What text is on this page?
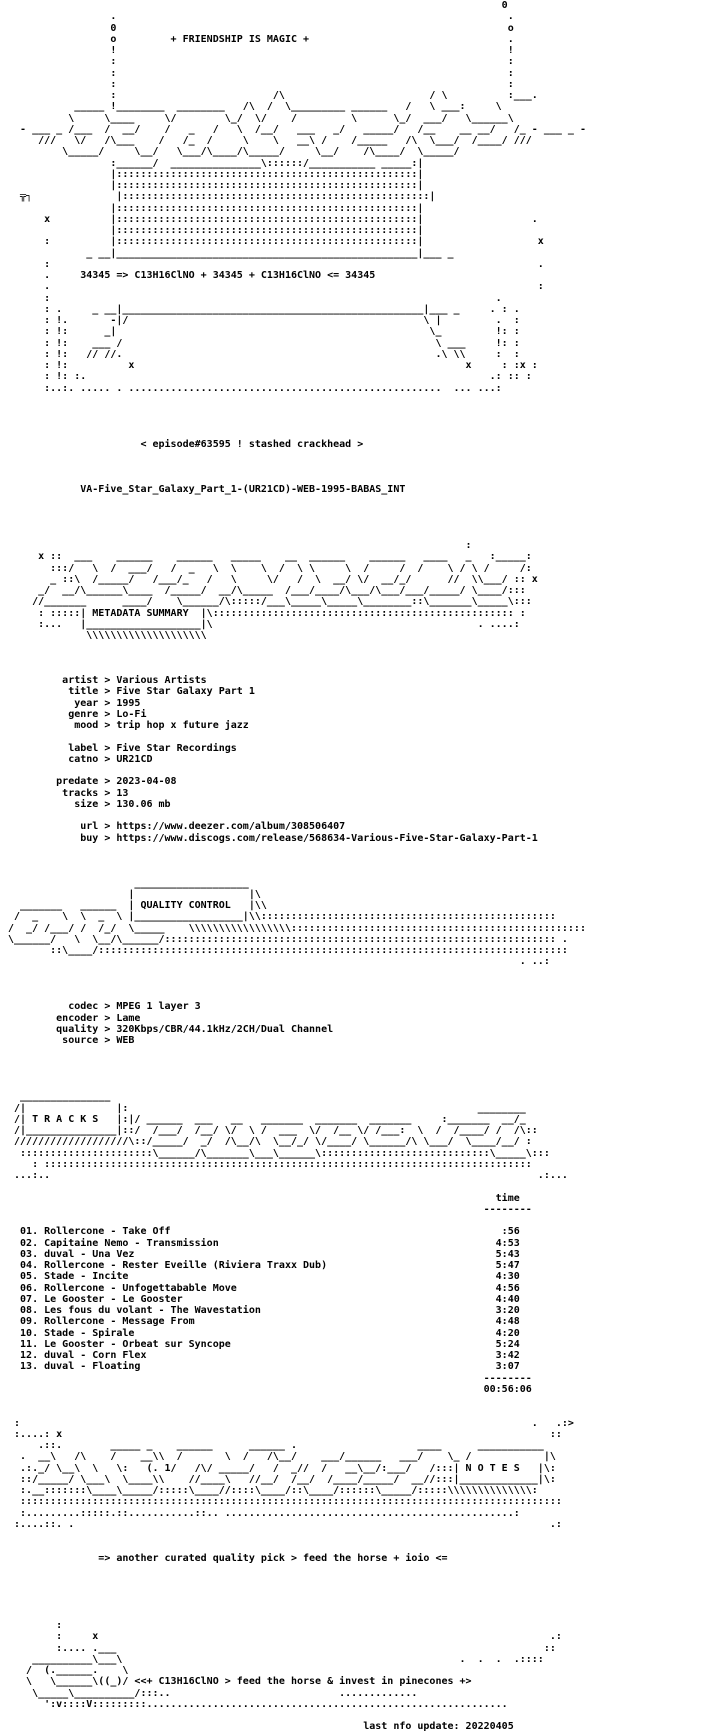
0
.                                                                 .
0                                                                 o
o         + FRIENDSHIP IS MAGIC +                                 .
!                                                                 !
:                                                                 :
:                                                                 :
:                                                                 :
:                          /\                        / \          :___.
_____ !________  ________   /\  /  \_________ ______   /   \ ___:     \
\     \____     \/        \_/  \/    /         \      \_/  ___/   \______\
- ___ _ /___  /  __/    /   _   /   \  /__/   ___   _/   _____/   /__    __ __/   /_ - ___ _ -
///   \/   /\___    /   /_  /     \    \   __\ /    /_____   /\  \___/  /____/ ///
\_____/     \__/   \___/\____/\_____/     \__/    /\____/  \_____/
:______/  _______________\::::::/___________ _____:|
|::::::::::::::::::::::::::::::::::::::::::::::::::|
|::::::::::::::::::::::::::::::::::::::::::::::::::|
╦┐              |:::::::::::::::::::::::::::::::::::::::::::::::::::|
|::::::::::::::::::::::::::::::::::::::::::::::::::|
x          |::::::::::::::::::::::::::::::::::::::::::::::::::|                  .
|::::::::::::::::::::::::::::::::::::::::::::::::::|
:          |::::::::::::::::::::::::::::::::::::::::::::::::::|                   x
_ __|__________________________________________________|___ _
:                                                                                 .
.     34345 => C13H16ClNO + 34345 + C13H16ClNO <= 34345
.                                                                                 :
:                                                                          .
: .     _ __|__________________________________________________|___ _     . : .
: !.       -|/                                                 \ |         .  :
: !:      _|                                                    \_         !: :
: !:    ___ /                                                    \ ___     !: :
: !:   // //.                                                    .\ \\     :  :
: !:          x                                                       x     : :x :
: !: :.                                                                   .: :: :
:..:. ..... . ....................................................  ... ...:

< episode#63595 ! stashed crackhead >

VA-Five_Star_Galaxy_Part_1-(UR21CD)-WEB-1995-BABAS_INT

:
x ::  ___    ______    ______   _____    __  ______    ______   ____   _   :_____:
:::/   \  /  ___/   /  _   \  \    \  /  \ \     \  /     /  /    \ / \ /     /:
_ ::\  /_____/   /___/_   /   \     \/   /  \  __/ \/  __/_/      //  \\___/ :: x
_/  __/\______\____  /_____/  __/\_____  /___/____/\___/\___/___/_____/ \____/:::
//_______      ____/    \______/\:::::/___\_____\_____\________::\_______\_____\:::
: :::::| METADATA SUMMARY  |\:::::::::::::::::::::::::::::::::::::::::::::::::: :
:...   |___________________|\                                            . ....:
\\\\\\\\\\\\\\\\\\\\

artist > Various Artists
title > Five Star Galaxy Part 1
year > 1995
genre > Lo-Fi
mood > trip hop x future jazz

label > Five Star Recordings
catno > UR21CD

predate > 2023-04-08
tracks > 13
size > 130.06 mb

url > https://www.deezer.com/album/308506407
buy > https://www.discogs.com/release/568634-Various-Five-Star-Galaxy-Part-1

___________________
|                   |\
_______   ______  | QUALITY CONTROL   |\\
/  _    \  \  _  \ |__________________|\\:::::::::::::::::::::::::::::::::::::::::::::::::
/  _/ /___/ /  /_/  \_____    \\\\\\\\\\\\\\\\\:::::::::::::::::::::::::::::::::::::::::::::::::
\______/   \  \__/\______/::::::::::::::::::::::::::::::::::::::::::::::::::::::::::::::::: .
::\____/::::::::::::::::::::::::::::::::::::::::::::::::::::::::::::::::::::::::::::::
. ..:

codec > MPEG 1 layer 3
encoder > Lame
quality > 320Kbps/CBR/44.1kHz/2CH/Dual Channel
source > WEB

_______________
/|               |:                                                          ________
/| T R A C K S   |:|/ ______  ___   __   _______  _______  _______     :_______  __/_
/|_______________|::/  /___/  /__/ \/  \ /  ___  \/  /__ \/ /___:  \  /  /____/ /  /\::
///////////////////\::/_____/  _/  /\__/\  \__/_/ \/____/ \______/\ \___/  \____/__/ :
::::::::::::::::::::::\______/\_______\___\______\::::::::::::::::::::::::::::\_____\:::
: :::::::::::::::::::::::::::::::::::::::::::::::::::::::::::::::::::::::::::::::::
...:..                                                                                 .:...

time
--------

01. Rollercone - Take Off                                                       :56
02. Capitaine Nemo - Transmission                                              4:53
03. duval - Una Vez                                                            5:43
04. Rollercone - Rester Eveille (Riviera Traxx Dub)                            5:47
05. Stade - Incite                                                             4:30
06. Rollercone - Unfogettabable Move                                           4:56
07. Le Gooster - Le Gooster                                                    4:40
08. Les fous du volant - The Wavestation                                       3:20
09. Rollercone - Message From                                                  4:48
10. Stade - Spirale                                                            4:20
11. Le Gooster - Orbeat sur Syncope                                            5:24
12. duval - Corn Flex                                                          3:42
13. duval - Floating                                                           3:07
--------
00:56:06

:                                                                                     .   .:>
:....: x                                                                                 ::
.::.        _____ _    ______      ______ .                    ____      ___________
.  __\   /\    /    __\\  /       \  /   /\__/    ___/______   ___/    \_ /            |\
.:._/ \__\  \   \:   (. 1/   /\/ _____/   /  _//  /   __\__/:___/   /:::| N O T E S   |\:
::/_____/ \___\  \____\\    //____\   //__/  /__/  /____/_____/  __//:::|_____________|\:
:.__:::::::\____\_____/:::::\____//::::\____/::\____/::::::\_____/:::::\\\\\\\\\\\\\\:
::::::::::::::::::::::::::::::::::::::::::::::::::::::::::::::::::::::::::::::::::::::::::
:.........:::::.::...........::.. ................................................:
:....::. .                                                                               .:

=> another curated quality pick > feed the horse + ioio <=

:
:     x                                                                           .:
:.... .___                                                                       ::
__________\___\                                                        .  .  .  .::::
/  (.______.    \
\   \______\((_)/ <<+ C13H16ClNO > feed the horse & invest in pinecones +>
\_____\__________/:::..                            .............
':v::::V:::::::::............................................................

last nfo update: 20220405
